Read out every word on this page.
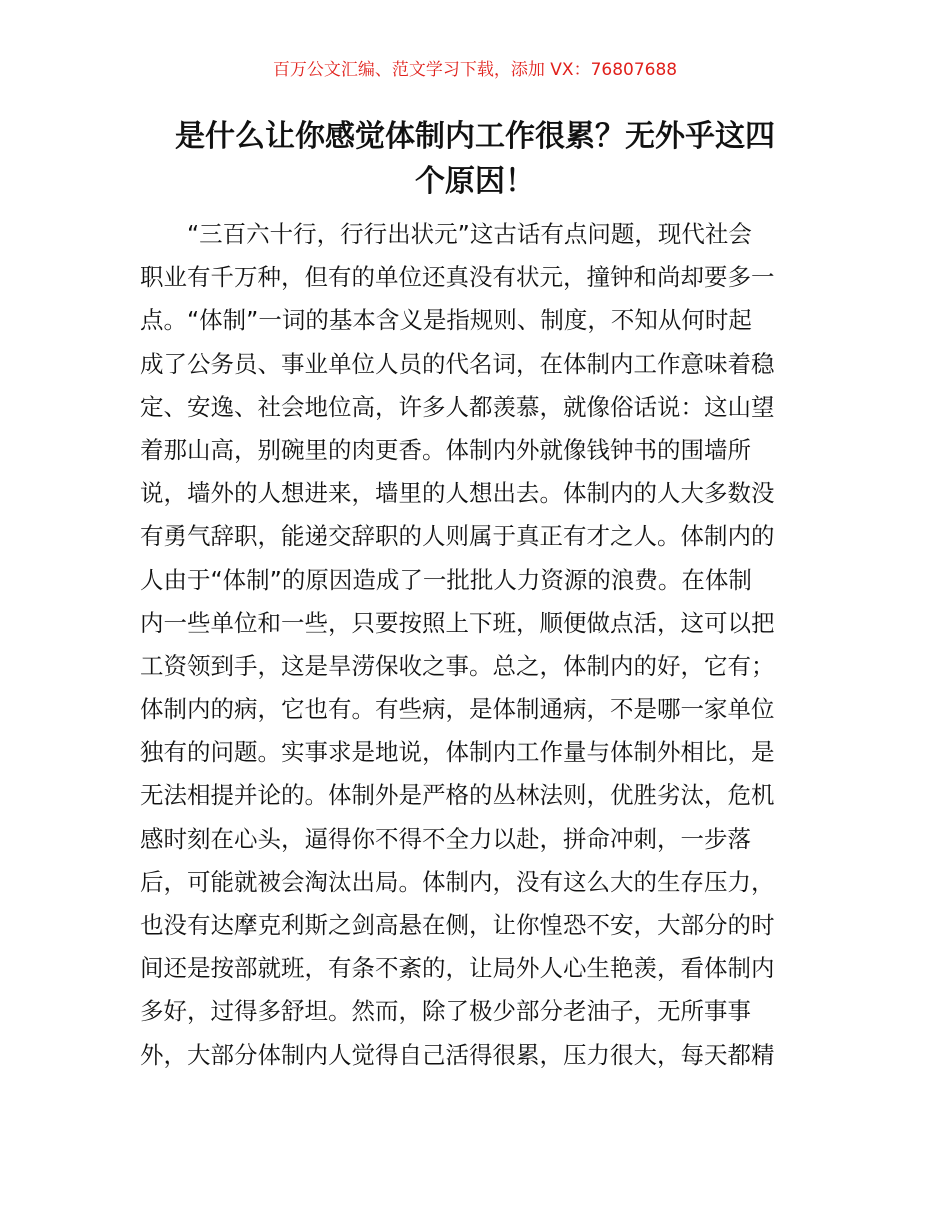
百万公文汇编、范文学习下载，添加 VX：76807688
是什么让你感觉体制内工作很累？无外乎这四
个原因！
“三百六十行，行行出状元”这古话有点问题，现代社会
职业有千万种，但有的单位还真没有状元，撞钟和尚却要多一
点。“体制”一词的基本含义是指规则、制度，不知从何时起
成了公务员、事业单位人员的代名词，在体制内工作意味着稳
定、安逸、社会地位高，许多人都羡慕，就像俗话说：这山望
着那山高，别碗里的肉更香。体制内外就像钱钟书的围墙所
说，墙外的人想进来，墙里的人想出去。体制内的人大多数没
有勇气辞职，能递交辞职的人则属于真正有才之人。体制内的
人由于“体制”的原因造成了一批批人力资源的浪费。在体制
内一些单位和一些，只要按照上下班，顺便做点活，这可以把
工资领到手，这是旱涝保收之事。总之，体制内的好，它有；
体制内的病，它也有。有些病，是体制通病，不是哪一家单位
独有的问题。实事求是地说，体制内工作量与体制外相比，是
无法相提并论的。体制外是严格的丛林法则，优胜劣汰，危机
感时刻在心头，逼得你不得不全力以赴，拼命冲刺，一步落
后，可能就被会淘汰出局。体制内，没有这么大的生存压力，
也没有达摩克利斯之剑高悬在侧，让你惶恐不安，大部分的时
间还是按部就班，有条不紊的，让局外人心生艳羡，看体制内
多好，过得多舒坦。然而，除了极少部分老油子，无所事事
外，大部分体制内人觉得自己活得很累，压力很大，每天都精
